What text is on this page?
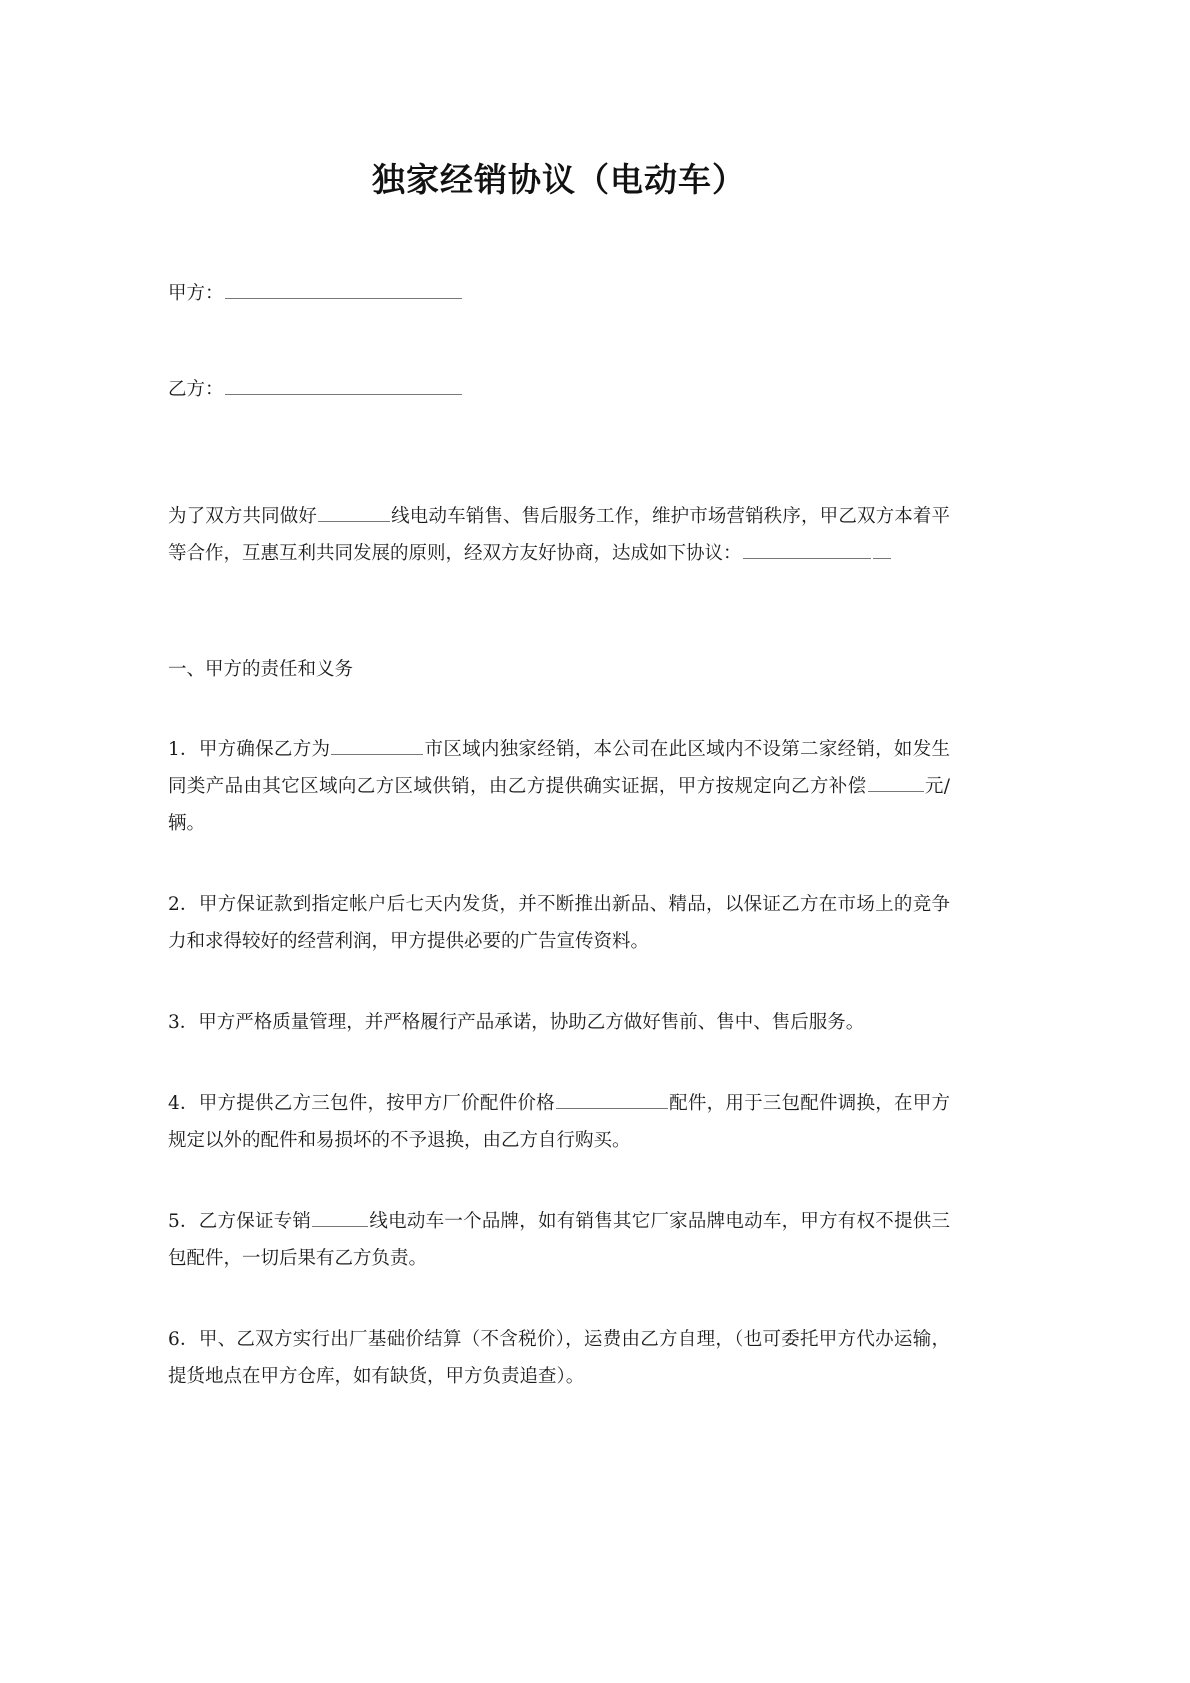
独家经销协议（电动车）
甲方：
乙方：

为了双方共同做好	线电动车销售、售后服务工作，维护市场营销秩序，甲乙双方本着平等合作，互惠互利共同发展的原则，经双方友好协商，达成如下协议：

一、甲方的责任和义务

1．甲方确保乙方为	市区域内独家经销，本公司在此区域内不设第二家经销，如发生同类产品由其它区域向乙方区域供销，由乙方提供确实证据，甲方按规定向乙方补偿	元/辆。

2．甲方保证款到指定帐户后七天内发货，并不断推出新品、精品，以保证乙方在市场上的竞争力和求得较好的经营利润，甲方提供必要的广告宣传资料。

3．甲方严格质量管理，并严格履行产品承诺，协助乙方做好售前、售中、售后服务。

4．甲方提供乙方三包件，按甲方厂价配件价格	配件，用于三包配件调换，在甲方规定以外的配件和易损坏的不予退换，由乙方自行购买。

5．乙方保证专销	线电动车一个品牌，如有销售其它厂家品牌电动车，甲方有权不提供三包配件，一切后果有乙方负责。

6．甲、乙双方实行出厂基础价结算（不含税价），运费由乙方自理，（也可委托甲方代办运输，提货地点在甲方仓库，如有缺货，甲方负责追查）。
